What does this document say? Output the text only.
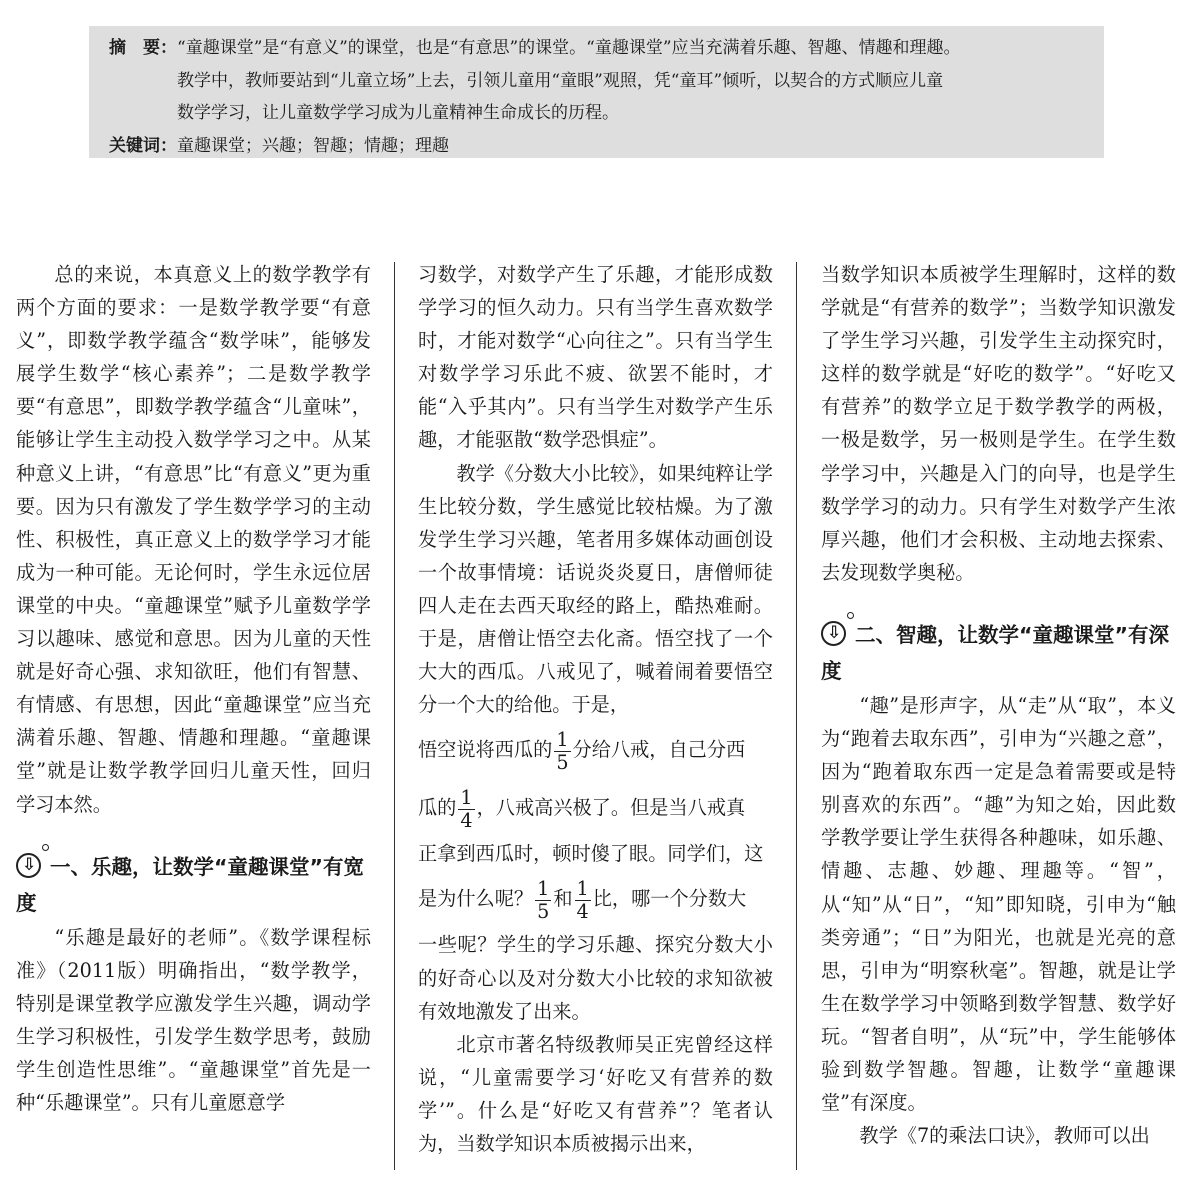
摘　要： “童趣课堂”是“有意义”的课堂，也是“有意思”的课堂。“童趣课堂”应当充满着乐趣、智趣、情趣和理趣。
教学中，教师要站到“儿童立场”上去，引领儿童用“童眼”观照，凭“童耳”倾听，以契合的方式顺应儿童
数学学习，让儿童数学学习成为儿童精神生命成长的历程。
关键词： 童趣课堂；兴趣；智趣；情趣；理趣

总的来说，本真意义上的数学教学有两个方面的要求：一是数学教学要“有意义”，即数学教学蕴含“数学味”，能够发展学生数学“核心素养”；二是数学教学要“有意思”，即数学教学蕴含“儿童味”，能够让学生主动投入数学学习之中。从某种意义上讲，“有意思”比“有意义”更为重要。因为只有激发了学生数学学习的主动性、积极性，真正意义上的数学学习才能成为一种可能。无论何时，学生永远位居课堂的中央。“童趣课堂”赋予儿童数学学习以趣味、感觉和意思。因为儿童的天性就是好奇心强、求知欲旺，他们有智慧、有情感、有思想，因此“童趣课堂”应当充满着乐趣、智趣、情趣和理趣。“童趣课堂”就是让数学教学回归儿童天性，回归学习本然。

⇩ 一、乐趣，让数学“童趣课堂”有宽度

“乐趣是最好的老师”。《数学课程标准》（2011版）明确指出，“数学教学，特别是课堂教学应激发学生兴趣，调动学生学习积极性，引发学生数学思考，鼓励学生创造性思维”。“童趣课堂”首先是一种“乐趣课堂”。只有儿童愿意学

习数学，对数学产生了乐趣，才能形成数学学习的恒久动力。只有当学生喜欢数学时，才能对数学“心向往之”。只有当学生对数学学习乐此不疲、欲罢不能时，才能“入乎其内”。只有当学生对数学产生乐趣，才能驱散“数学恐惧症”。

教学《分数大小比较》，如果纯粹让学生比较分数，学生感觉比较枯燥。为了激发学生学习兴趣，笔者用多媒体动画创设一个故事情境：话说炎炎夏日，唐僧师徒四人走在去西天取经的路上，酷热难耐。于是，唐僧让悟空去化斋。悟空找了一个大大的西瓜。八戒见了，喊着闹着要悟空分一个大的给他。于是，

悟空说将西瓜的 $\frac{1}{5}$ 分给八戒，自己分西

瓜的 $\frac{1}{4}$ ，八戒高兴极了。但是当八戒真

正拿到西瓜时，顿时傻了眼。同学们，这

是为什么呢？ $\frac{1}{5}$ 和 $\frac{1}{4}$ 比，哪一个分数大

一些呢？学生的学习乐趣、探究分数大小的好奇心以及对分数大小比较的求知欲被有效地激发了出来。

北京市著名特级教师吴正宪曾经这样说，“儿童需要学习‘好吃又有营养的数学’”。什么是“好吃又有营养”？笔者认为，当数学知识本质被揭示出来，

当数学知识本质被学生理解时，这样的数学就是“有营养的数学”；当数学知识激发了学生学习兴趣，引发学生主动探究时，这样的数学就是“好吃的数学”。“好吃又有营养”的数学立足于数学教学的两极，一极是数学，另一极则是学生。在学生数学学习中，兴趣是入门的向导，也是学生数学学习的动力。只有学生对数学产生浓厚兴趣，他们才会积极、主动地去探索、去发现数学奥秘。

⇩ 二、智趣，让数学“童趣课堂”有深度

“趣”是形声字，从“走”从“取”，本义为“跑着去取东西”，引申为“兴趣之意”，因为“跑着取东西一定是急着需要或是特别喜欢的东西”。“趣”为知之始，因此数学教学要让学生获得各种趣味，如乐趣、情趣、志趣、妙趣、理趣等。“智”，从“知”从“日”，“知”即知晓，引申为“触类旁通”；“日”为阳光，也就是光亮的意思，引申为“明察秋毫”。智趣，就是让学生在数学学习中领略到数学智慧、数学好玩。“智者自明”，从“玩”中，学生能够体验到数学智趣。智趣，让数学“童趣课堂”有深度。

教学《7的乘法口诀》，教师可以出
